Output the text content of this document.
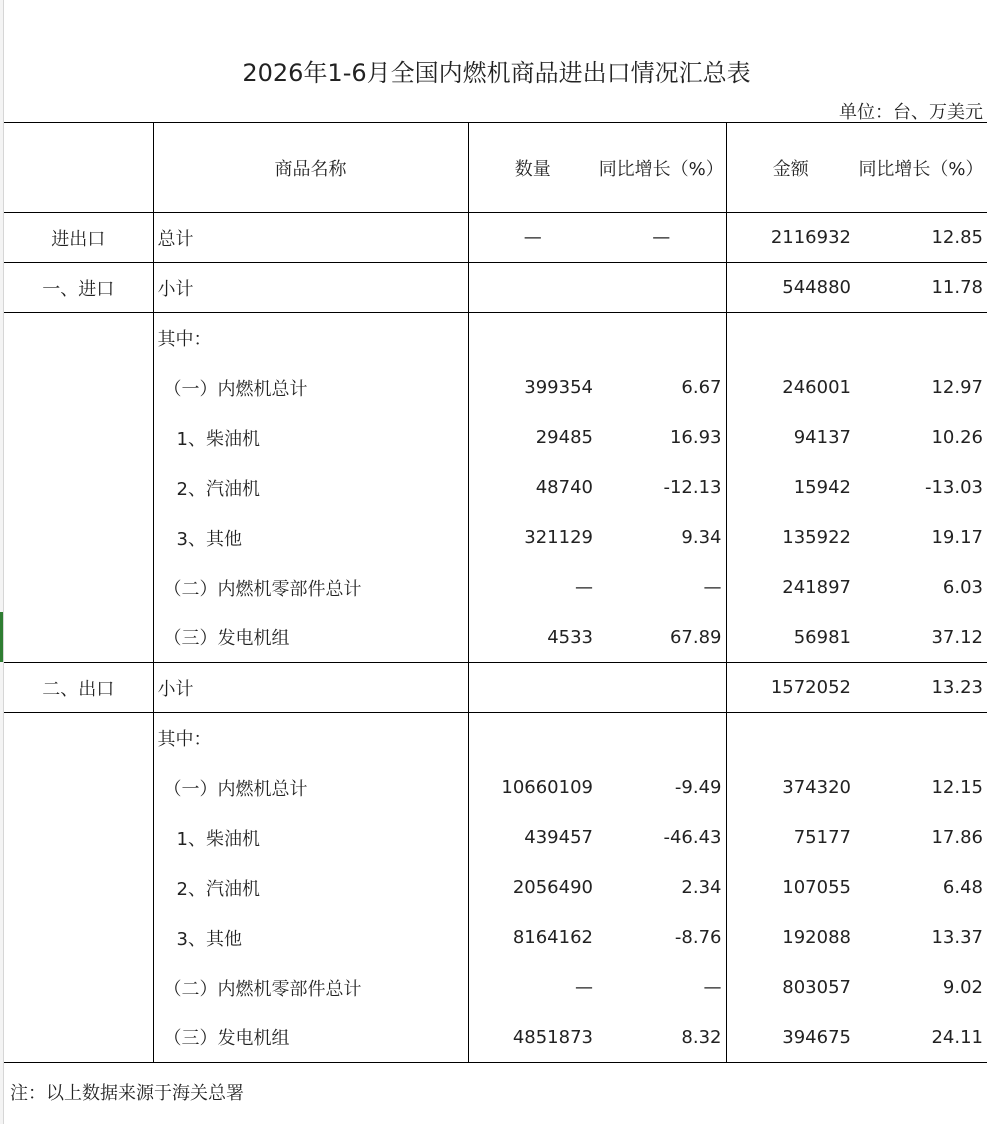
2026年1-6月全国内燃机商品进出口情况汇总表
单位：台、万美元
	商品名称	数量	同比增长（%）	金额	同比增长（%）
进出口	总计	—	—	2116932	12.85
一、进口	小计			544880	11.78
	其中：				
	（一）内燃机总计	399354	6.67	246001	12.97
	1、柴油机	29485	16.93	94137	10.26
	2、汽油机	48740	-12.13	15942	-13.03
	3、其他	321129	9.34	135922	19.17
	（二）内燃机零部件总计	—	—	241897	6.03
	（三）发电机组	4533	67.89	56981	37.12
二、出口	小计			1572052	13.23
	其中：				
	（一）内燃机总计	10660109	-9.49	374320	12.15
	1、柴油机	439457	-46.43	75177	17.86
	2、汽油机	2056490	2.34	107055	6.48
	3、其他	8164162	-8.76	192088	13.37
	（二）内燃机零部件总计	—	—	803057	9.02
	（三）发电机组	4851873	8.32	394675	24.11
注：以上数据来源于海关总署
